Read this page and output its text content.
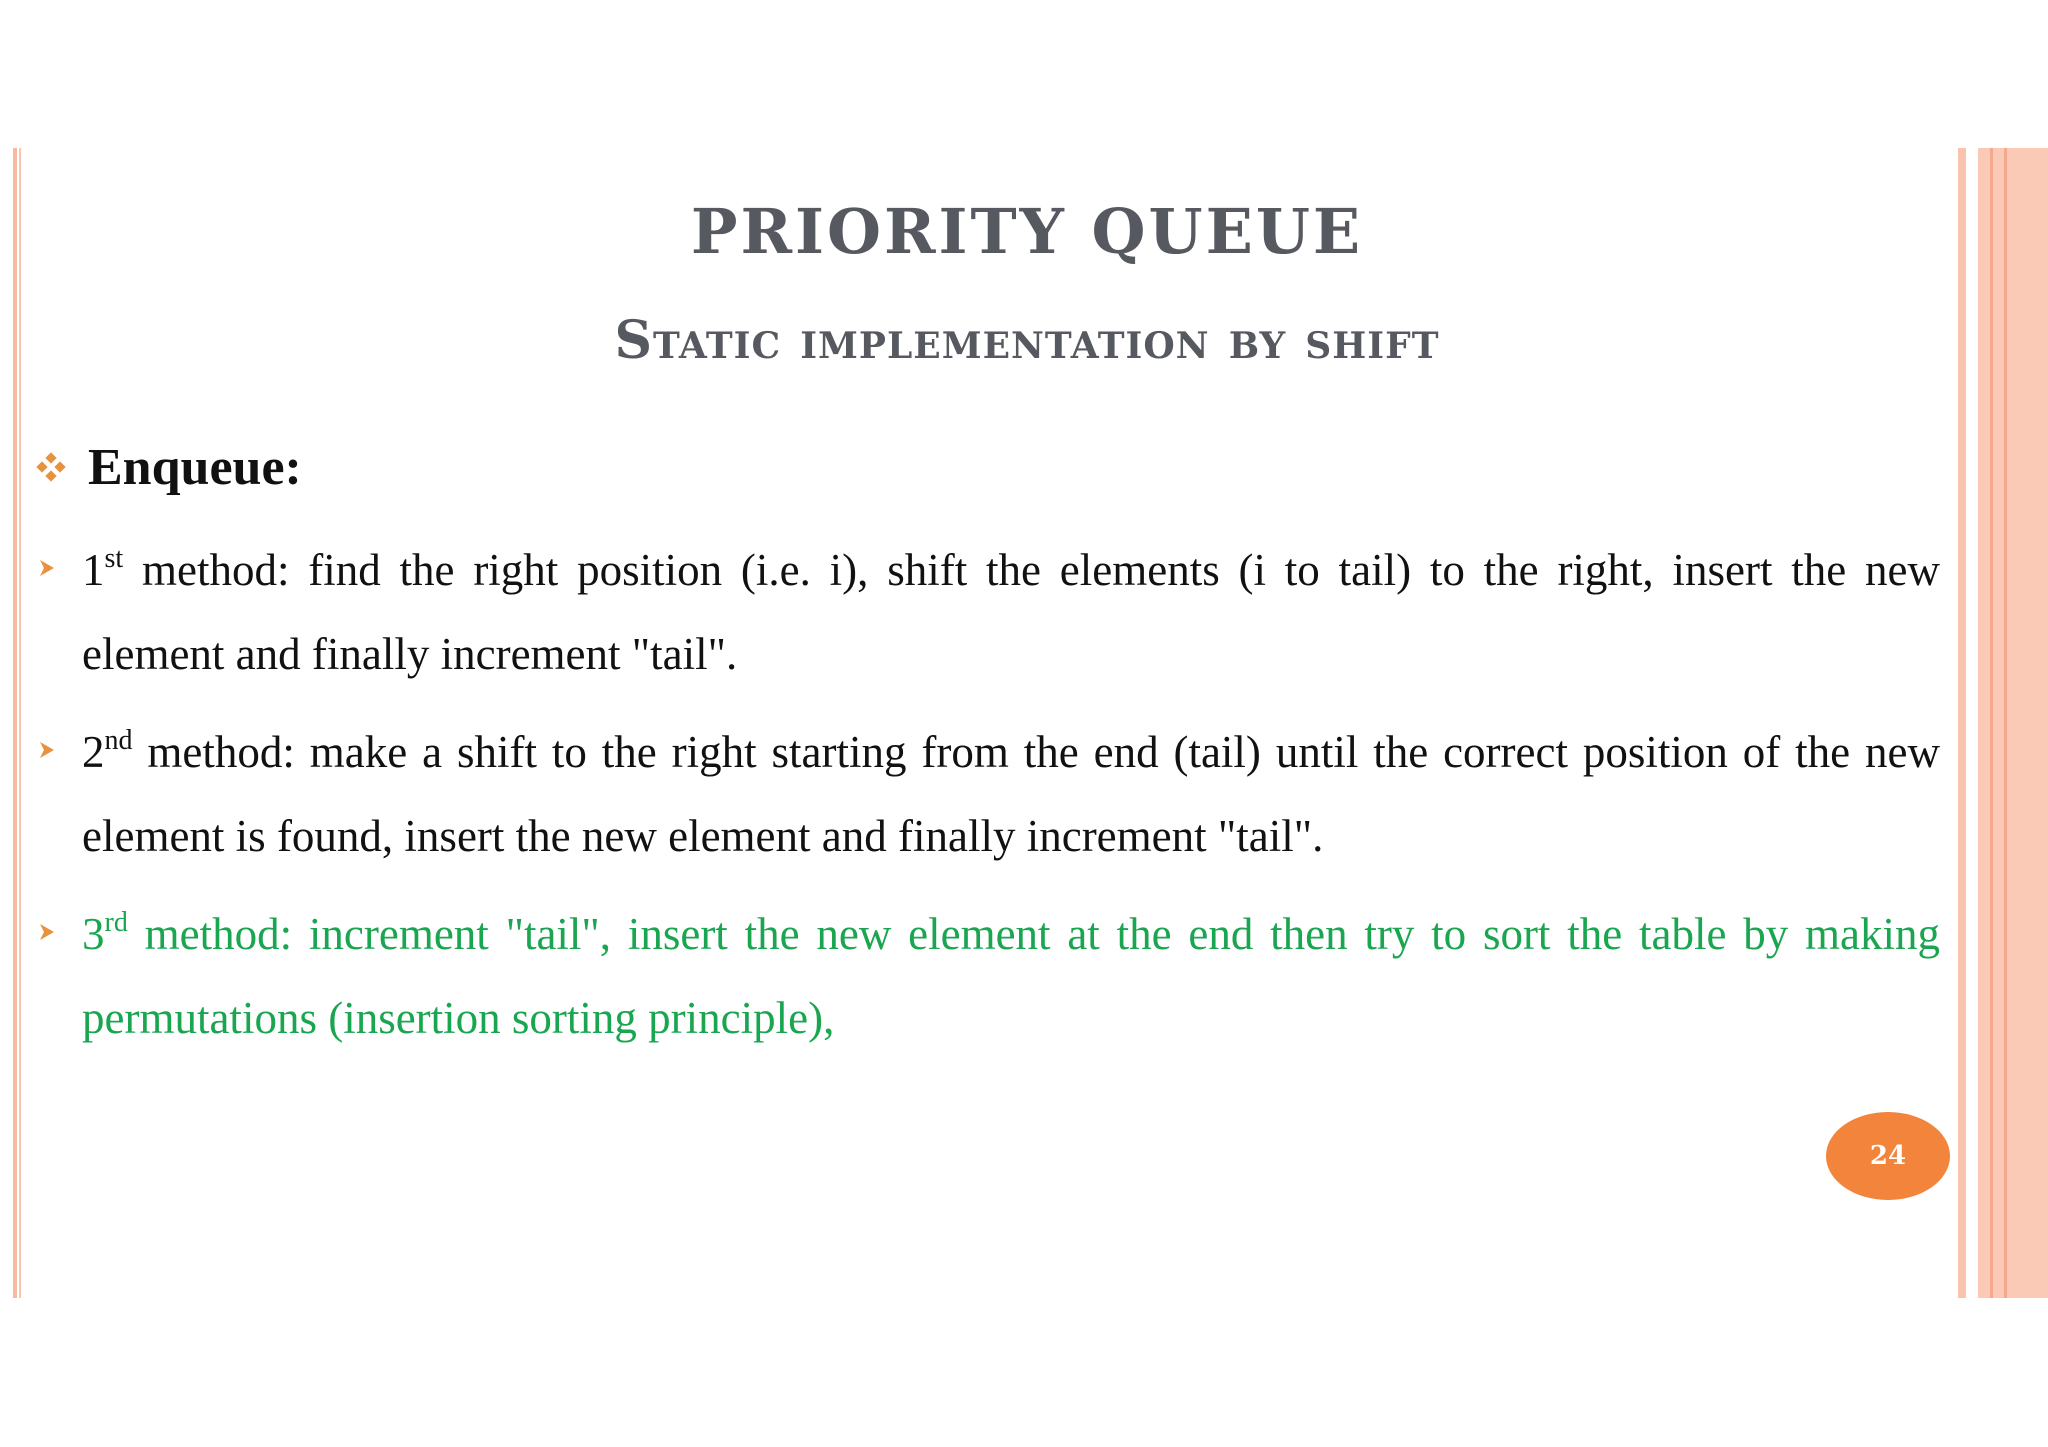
PRIORITY QUEUE
Static implementation by shift
Enqueue:
1st method: find the right position (i.e. i), shift the elements (i to tail) to the right, insert the new element and finally increment "tail".
2nd method: make a shift to the right starting from the end (tail) until the correct position of the new element is found, insert the new element and finally increment "tail".
3rd method: increment "tail", insert the new element at the end then try to sort the table by making permutations (insertion sorting principle),
24
